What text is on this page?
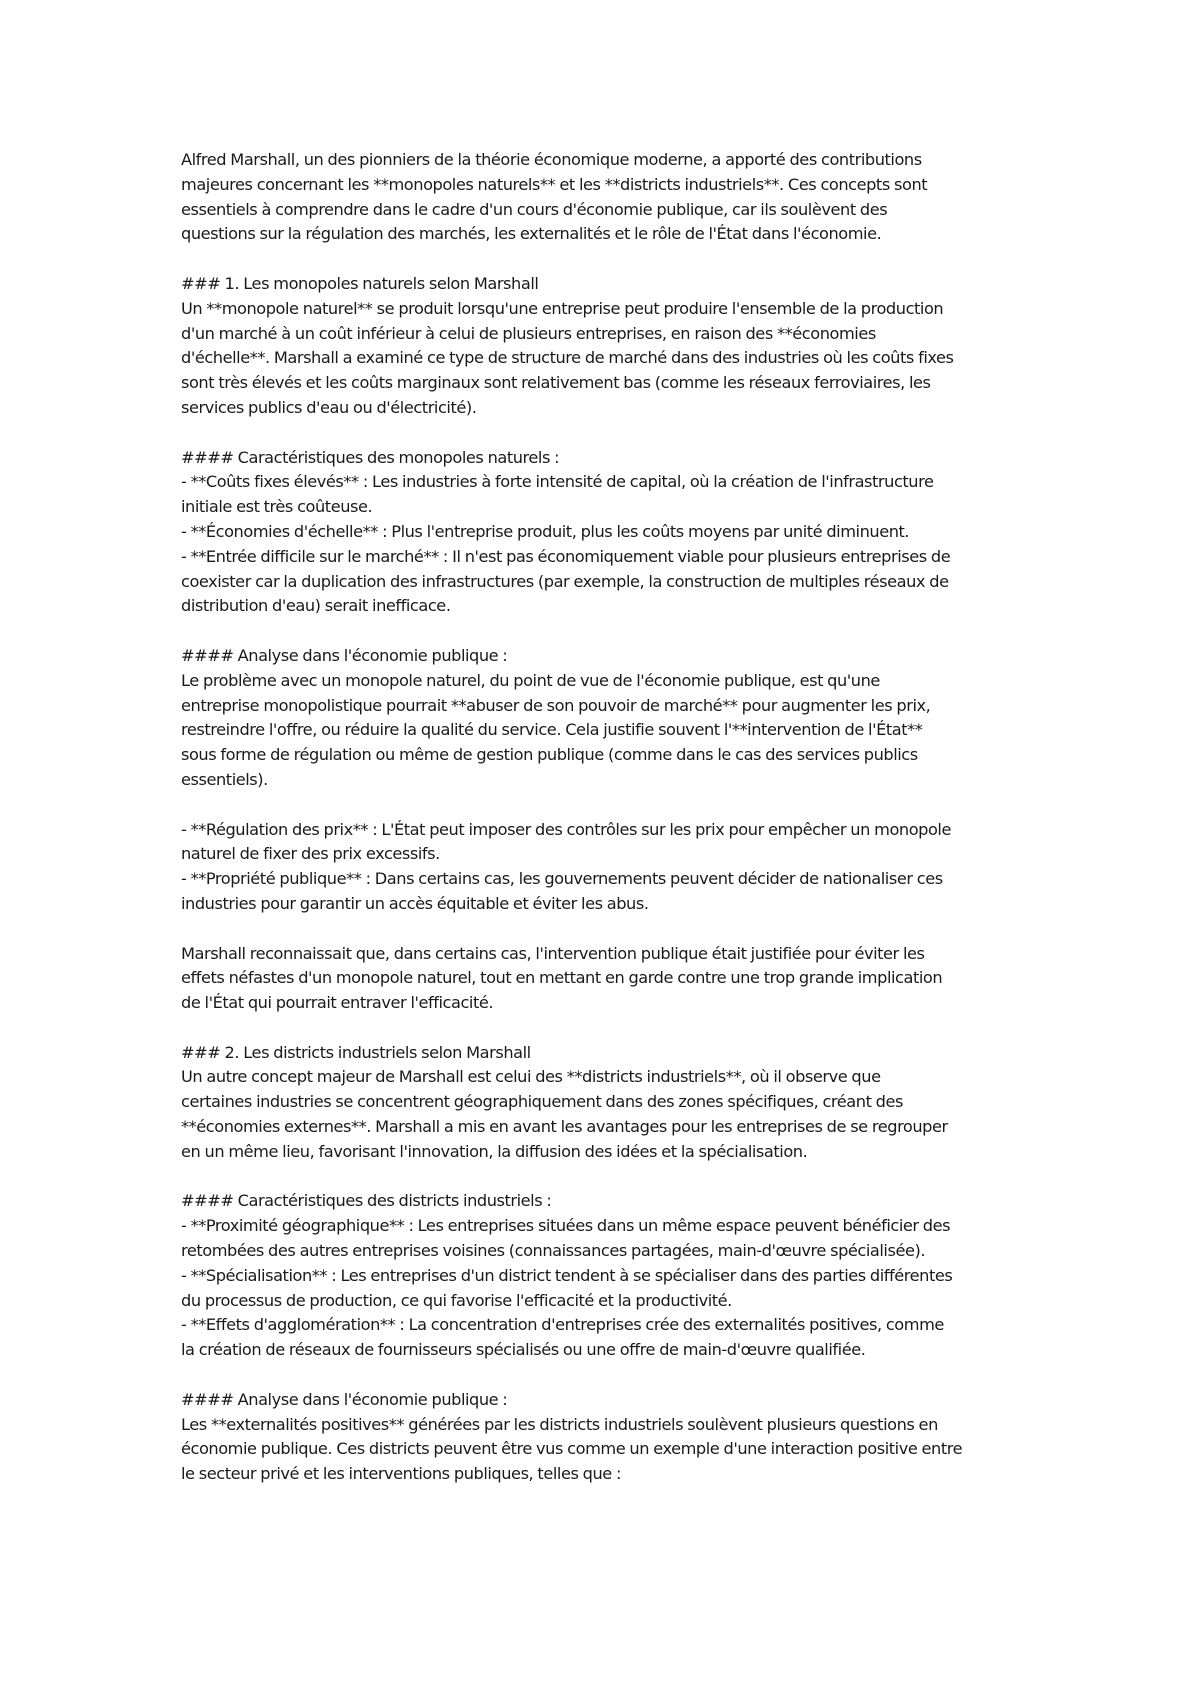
Alfred Marshall, un des pionniers de la théorie économique moderne, a apporté des contributions
majeures concernant les **monopoles naturels** et les **districts industriels**. Ces concepts sont
essentiels à comprendre dans le cadre d'un cours d'économie publique, car ils soulèvent des
questions sur la régulation des marchés, les externalités et le rôle de l'État dans l'économie.
### 1. Les monopoles naturels selon Marshall
Un **monopole naturel** se produit lorsqu'une entreprise peut produire l'ensemble de la production
d'un marché à un coût inférieur à celui de plusieurs entreprises, en raison des **économies
d'échelle**. Marshall a examiné ce type de structure de marché dans des industries où les coûts fixes
sont très élevés et les coûts marginaux sont relativement bas (comme les réseaux ferroviaires, les
services publics d'eau ou d'électricité).
#### Caractéristiques des monopoles naturels :
- **Coûts fixes élevés** : Les industries à forte intensité de capital, où la création de l'infrastructure
initiale est très coûteuse.
- **Économies d'échelle** : Plus l'entreprise produit, plus les coûts moyens par unité diminuent.
- **Entrée difficile sur le marché** : Il n'est pas économiquement viable pour plusieurs entreprises de
coexister car la duplication des infrastructures (par exemple, la construction de multiples réseaux de
distribution d'eau) serait inefficace.
#### Analyse dans l'économie publique :
Le problème avec un monopole naturel, du point de vue de l'économie publique, est qu'une
entreprise monopolistique pourrait **abuser de son pouvoir de marché** pour augmenter les prix,
restreindre l'offre, ou réduire la qualité du service. Cela justifie souvent l'**intervention de l'État**
sous forme de régulation ou même de gestion publique (comme dans le cas des services publics
essentiels).
- **Régulation des prix** : L'État peut imposer des contrôles sur les prix pour empêcher un monopole
naturel de fixer des prix excessifs.
- **Propriété publique** : Dans certains cas, les gouvernements peuvent décider de nationaliser ces
industries pour garantir un accès équitable et éviter les abus.
Marshall reconnaissait que, dans certains cas, l'intervention publique était justifiée pour éviter les
effets néfastes d'un monopole naturel, tout en mettant en garde contre une trop grande implication
de l'État qui pourrait entraver l'efficacité.
### 2. Les districts industriels selon Marshall
Un autre concept majeur de Marshall est celui des **districts industriels**, où il observe que
certaines industries se concentrent géographiquement dans des zones spécifiques, créant des
**économies externes**. Marshall a mis en avant les avantages pour les entreprises de se regrouper
en un même lieu, favorisant l'innovation, la diffusion des idées et la spécialisation.
#### Caractéristiques des districts industriels :
- **Proximité géographique** : Les entreprises situées dans un même espace peuvent bénéficier des
retombées des autres entreprises voisines (connaissances partagées, main-d'œuvre spécialisée).
- **Spécialisation** : Les entreprises d'un district tendent à se spécialiser dans des parties différentes
du processus de production, ce qui favorise l'efficacité et la productivité.
- **Effets d'agglomération** : La concentration d'entreprises crée des externalités positives, comme
la création de réseaux de fournisseurs spécialisés ou une offre de main-d'œuvre qualifiée.
#### Analyse dans l'économie publique :
Les **externalités positives** générées par les districts industriels soulèvent plusieurs questions en
économie publique. Ces districts peuvent être vus comme un exemple d'une interaction positive entre
le secteur privé et les interventions publiques, telles que :
